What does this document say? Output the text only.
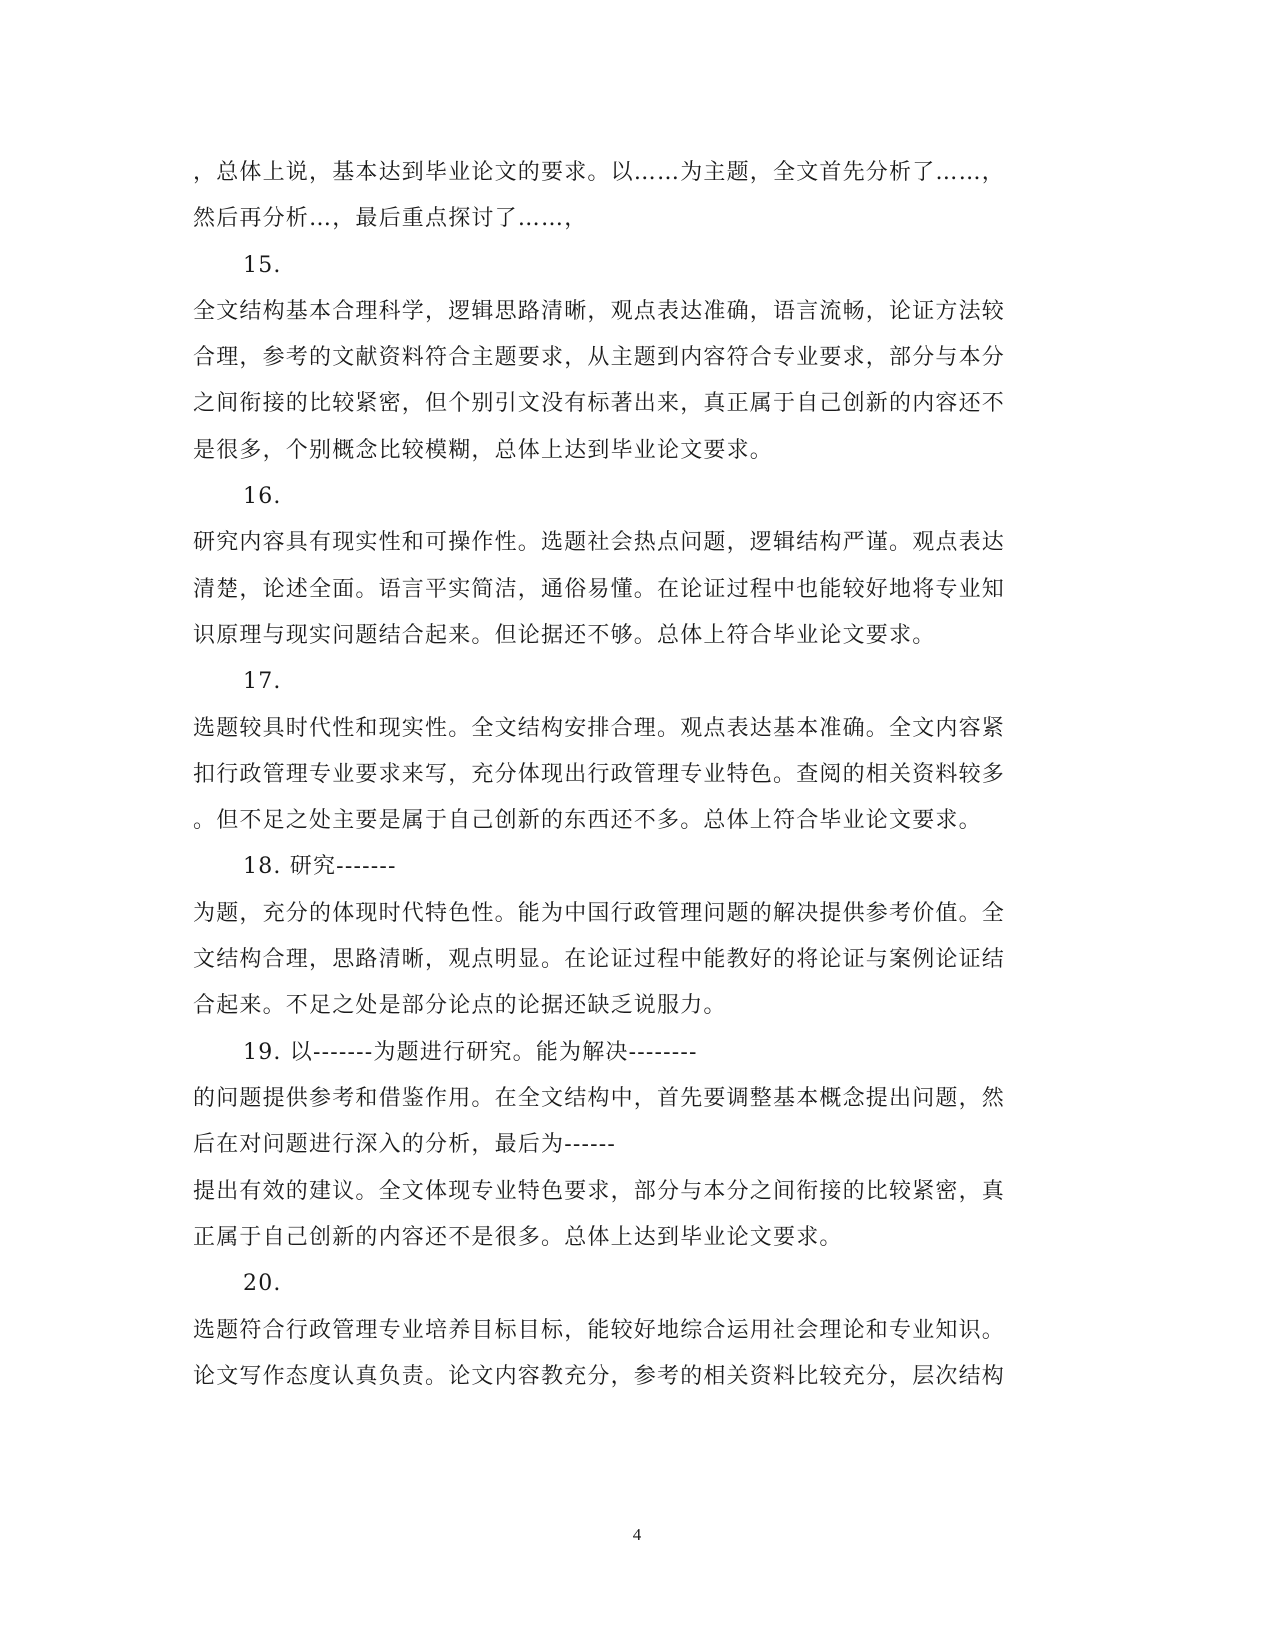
，总体上说，基本达到毕业论文的要求。以……为主题，全文首先分析了……，
然后再分析…，最后重点探讨了……，
15.
全文结构基本合理科学，逻辑思路清晰，观点表达准确，语言流畅，论证方法较
合理，参考的文献资料符合主题要求，从主题到内容符合专业要求，部分与本分
之间衔接的比较紧密，但个别引文没有标著出来，真正属于自己创新的内容还不
是很多，个别概念比较模糊，总体上达到毕业论文要求。
16.
研究内容具有现实性和可操作性。选题社会热点问题，逻辑结构严谨。观点表达
清楚，论述全面。语言平实简洁，通俗易懂。在论证过程中也能较好地将专业知
识原理与现实问题结合起来。但论据还不够。总体上符合毕业论文要求。
17.
选题较具时代性和现实性。全文结构安排合理。观点表达基本准确。全文内容紧
扣行政管理专业要求来写，充分体现出行政管理专业特色。查阅的相关资料较多
。但不足之处主要是属于自己创新的东西还不多。总体上符合毕业论文要求。
18. 研究-------
为题，充分的体现时代特色性。能为中国行政管理问题的解决提供参考价值。全
文结构合理，思路清晰，观点明显。在论证过程中能教好的将论证与案例论证结
合起来。不足之处是部分论点的论据还缺乏说服力。
19. 以-------为题进行研究。能为解决--------
的问题提供参考和借鉴作用。在全文结构中，首先要调整基本概念提出问题，然
后在对问题进行深入的分析，最后为------
提出有效的建议。全文体现专业特色要求，部分与本分之间衔接的比较紧密，真
正属于自己创新的内容还不是很多。总体上达到毕业论文要求。
20.
选题符合行政管理专业培养目标目标，能较好地综合运用社会理论和专业知识。
论文写作态度认真负责。论文内容教充分，参考的相关资料比较充分，层次结构
4
